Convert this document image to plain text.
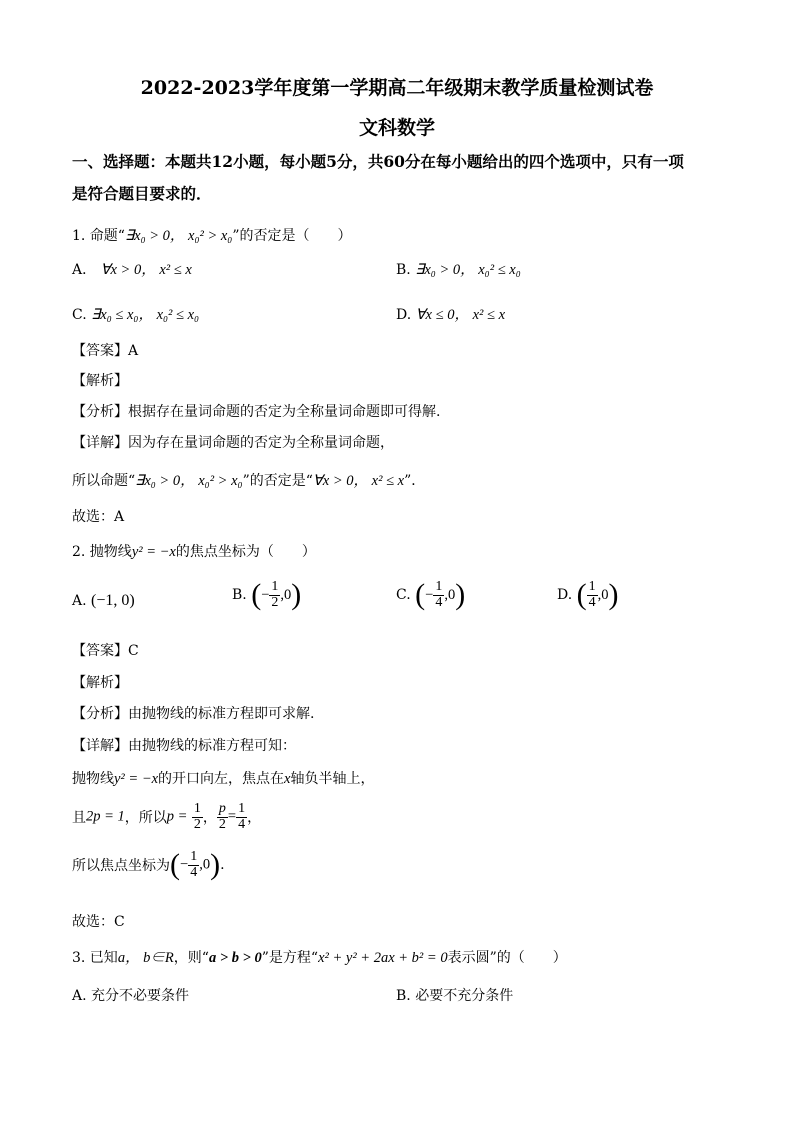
2022-2023学年度第一学期高二年级期末教学质量检测试卷
文科数学
一、选择题：本题共12小题，每小题5分，共60分在每小题给出的四个选项中，只有一项
是符合题目要求的．
1. 命题“∃x₀ > 0， x₀² > x₀”的否定是（　　）
A． ∀x > 0， x² ≤ x	B. ∃x₀ > 0， x₀² ≤ x₀
C. ∃x₀ ≤ x₀， x₀² ≤ x₀	D. ∀x ≤ 0， x² ≤ x
【答案】A
【解析】
【分析】根据存在量词命题的否定为全称量词命题即可得解.
【详解】因为存在量词命题的否定为全称量词命题，
所以命题“∃x₀ > 0， x₀² > x₀”的否定是“∀x > 0， x² ≤ x”．
故选：A
2. 抛物线y² = −x的焦点坐标为（　　）
A. (−1, 0)	B. (− $\frac{1}{2} ,0$)	C. (− $\frac{1}{4} ,0$)	D. ( $\frac{1}{4} ,0$)
【答案】C
【解析】
【分析】由抛物线的标准方程即可求解.
【详解】由抛物线的标准方程可知：
抛物线y² = −x的开口向左，焦点在x轴负半轴上，
且2p = 1，所以$p = \frac{1}{2}$ ， $\frac{p}{2} = \frac{1}{4}$ ，
所以焦点坐标为(− $\frac{1}{4} ,0$).
故选：C
3. 已知a， b∈R，则“a > b > 0”是方程“x² + y² + 2ax + b² = 0表示圆”的（　　）
A. 充分不必要条件	B. 必要不充分条件
